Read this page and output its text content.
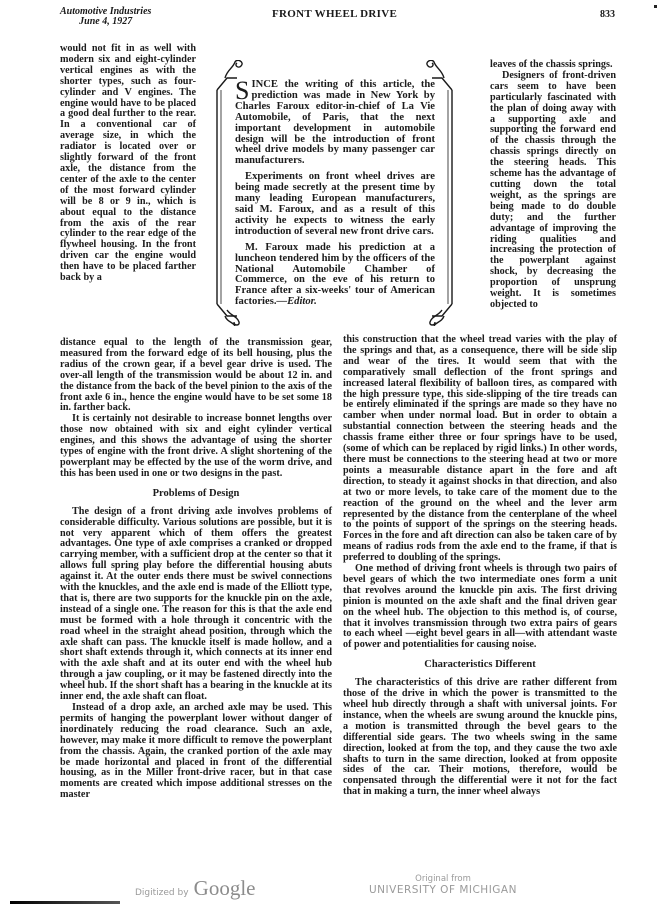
Automotive Industries
June 4, 1927
FRONT WHEEL DRIVE	833

would not fit in as well with modern six and eight-cylinder vertical engines as with the shorter types, such as four-cylinder and V engines. The engine would have to be placed a good deal further to the rear. In a conventional car of average size, in which the radiator is located over or slightly forward of the front axle, the distance from the center of the axle to the center of the most forward cylinder will be 8 or 9 in., which is about equal to the distance from the axis of the rear cylinder to the rear edge of the flywheel housing. In the front driven car the engine would then have to be placed farther back by a

SINCE the writing of this article, the prediction was made in New York by Charles Faroux editor-in-chief of La Vie Automobile, of Paris, that the next important development in automobile design will be the introduction of front wheel drive models by many passenger car manufacturers.

Experiments on front wheel drives are being made secretly at the present time by many leading European manufacturers, said M. Faroux, and as a result of this activity he expects to witness the early introduction of several new front drive cars.

M. Faroux made his prediction at a luncheon tendered him by the officers of the National Automobile Chamber of Commerce, on the eve of his return to France after a six-weeks' tour of American factories.—Editor.

leaves of the chassis springs.

Designers of front-driven cars seem to have been particularly fascinated with the plan of doing away with a supporting axle and supporting the forward end of the chassis through the chassis springs directly on the steering heads. This scheme has the advantage of cutting down the total weight, as the springs are being made to do double duty; and the further advantage of improving the riding qualities and increasing the protection of the powerplant against shock, by decreasing the proportion of unsprung weight. It is sometimes objected to

distance equal to the length of the transmission gear, measured from the forward edge of its bell housing, plus the radius of the crown gear, if a bevel gear drive is used. The over-all length of the transmission would be about 12 in. and the distance from the back of the bevel pinion to the axis of the front axle 6 in., hence the engine would have to be set some 18 in. farther back.

It is certainly not desirable to increase bonnet lengths over those now obtained with six and eight cylinder vertical engines, and this shows the advantage of using the shorter types of engine with the front drive. A slight shortening of the powerplant may be effected by the use of the worm drive, and this has been used in one or two designs in the past.

Problems of Design

The design of a front driving axle involves problems of considerable difficulty. Various solutions are possible, but it is not very apparent which of them offers the greatest advantages. One type of axle comprises a cranked or dropped carrying member, with a sufficient drop at the center so that it allows full spring play before the differential housing abuts against it. At the outer ends there must be swivel connections with the knuckles, and the axle end is made of the Elliott type, that is, there are two supports for the knuckle pin on the axle, instead of a single one. The reason for this is that the axle end must be formed with a hole through it concentric with the road wheel in the straight ahead position, through which the axle shaft can pass. The knuckle itself is made hollow, and a short shaft extends through it, which connects at its inner end with the axle shaft and at its outer end with the wheel hub through a jaw coupling, or it may be fastened directly into the wheel hub. If the short shaft has a bearing in the knuckle at its inner end, the axle shaft can float.

Instead of a drop axle, an arched axle may be used. This permits of hanging the powerplant lower without danger of inordinately reducing the road clearance. Such an axle, however, may make it more difficult to remove the powerplant from the chassis. Again, the cranked portion of the axle may be made horizontal and placed in front of the differential housing, as in the Miller front-drive racer, but in that case moments are created which impose additional stresses on the master

this construction that the wheel tread varies with the play of the springs and that, as a consequence, there will be side slip and wear of the tires. It would seem that with the comparatively small deflection of the front springs and increased lateral flexibility of balloon tires, as compared with the high pressure type, this side-slipping of the tire treads can be entirely eliminated if the springs are made so they have no camber when under normal load. But in order to obtain a substantial connection between the steering heads and the chassis frame either three or four springs have to be used, (some of which can be replaced by rigid links.) In other words, there must be connections to the steering head at two or more points a measurable distance apart in the fore and aft direction, to steady it against shocks in that direction, and also at two or more levels, to take care of the moment due to the reaction of the ground on the wheel and the lever arm represented by the distance from the centerplane of the wheel to the points of support of the springs on the steering heads. Forces in the fore and aft direction can also be taken care of by means of radius rods from the axle end to the frame, if that is preferred to doubling of the springs.

One method of driving front wheels is through two pairs of bevel gears of which the two intermediate ones form a unit that revolves around the knuckle pin axis. The first driving pinion is mounted on the axle shaft and the final driven gear on the wheel hub. The objection to this method is, of course, that it involves transmission through two extra pairs of gears to each wheel —eight bevel gears in all—with attendant waste of power and potentialities for causing noise.

Characteristics Different

The characteristics of this drive are rather different from those of the drive in which the power is transmitted to the wheel hub directly through a shaft with universal joints. For instance, when the wheels are swung around the knuckle pins, a motion is transmitted through the bevel gears to the differential side gears. The two wheels swing in the same direction, looked at from the top, and they cause the two axle shafts to turn in the same direction, looked at from opposite sides of the car. Their motions, therefore, would be conpensated through the differential were it not for the fact that in making a turn, the inner wheel always

Digitized by Google	Original from
UNIVERSITY OF MICHIGAN
